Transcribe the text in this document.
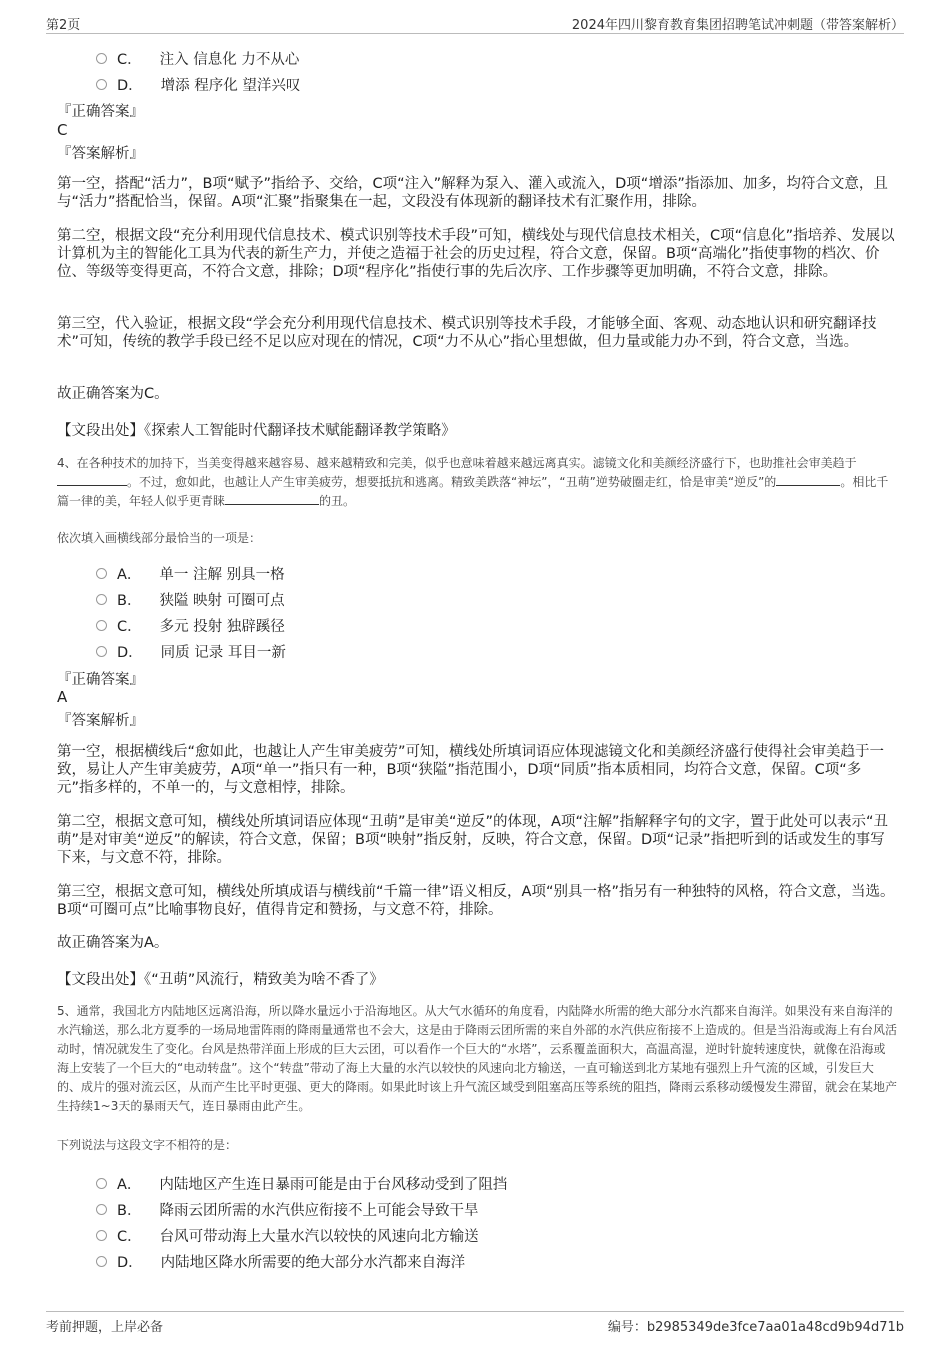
第2页	2024年四川黎育教育集团招聘笔试冲刺题（带答案解析）
C． 注入 信息化 力不从心
D． 增添 程序化 望洋兴叹
『正确答案』
C
『答案解析』
第一空，搭配“活力”，B项“赋予”指给予、交给，C项“注入”解释为泵入、灌入或流入，D项“增添”指添加、加多，均符合文意，且与“活力”搭配恰当，保留。A项“汇聚”指聚集在一起，文段没有体现新的翻译技术有汇聚作用，排除。
第二空，根据文段“充分利用现代信息技术、模式识别等技术手段”可知，横线处与现代信息技术相关，C项“信息化”指培养、发展以计算机为主的智能化工具为代表的新生产力，并使之造福于社会的历史过程，符合文意，保留。B项“高端化”指使事物的档次、价位、等级等变得更高，不符合文意，排除；D项“程序化”指使行事的先后次序、工作步骤等更加明确，不符合文意，排除。
第三空，代入验证，根据文段“学会充分利用现代信息技术、模式识别等技术手段，才能够全面、客观、动态地认识和研究翻译技术”可知，传统的教学手段已经不足以应对现在的情况，C项“力不从心”指心里想做，但力量或能力办不到，符合文意，当选。
故正确答案为C。
【文段出处】《探索人工智能时代翻译技术赋能翻译教学策略》
4、在各种技术的加持下，当美变得越来越容易、越来越精致和完美，似乎也意味着越来越远离真实。滤镜文化和美颜经济盛行下，也助推社会审美趋于。不过，愈如此，也越让人产生审美疲劳，想要抵抗和逃离。精致美跌落“神坛”，“丑萌”逆势破圈走红，恰是审美“逆反”的	。相比千篇一律的美，年轻人似乎更青睐	的丑。
依次填入画横线部分最恰当的一项是：
A． 单一 注解 别具一格
B． 狭隘 映射 可圈可点
C． 多元 投射 独辟蹊径
D． 同质 记录 耳目一新
『正确答案』
A
『答案解析』
第一空，根据横线后“愈如此，也越让人产生审美疲劳”可知，横线处所填词语应体现滤镜文化和美颜经济盛行使得社会审美趋于一致，易让人产生审美疲劳，A项“单一”指只有一种，B项“狭隘”指范围小，D项“同质”指本质相同，均符合文意，保留。C项“多元”指多样的，不单一的，与文意相悖，排除。
第二空，根据文意可知，横线处所填词语应体现“丑萌”是审美“逆反”的体现，A项“注解”指解释字句的文字，置于此处可以表示“丑萌”是对审美“逆反”的解读，符合文意，保留；B项“映射”指反射，反映，符合文意，保留。D项“记录”指把听到的话或发生的事写下来，与文意不符，排除。
第三空，根据文意可知，横线处所填成语与横线前“千篇一律”语义相反，A项“别具一格”指另有一种独特的风格，符合文意，当选。B项“可圈可点”比喻事物良好，值得肯定和赞扬，与文意不符，排除。
故正确答案为A。
【文段出处】《“丑萌”风流行，精致美为啥不香了》
5、通常，我国北方内陆地区远离沿海，所以降水量远小于沿海地区。从大气水循环的角度看，内陆降水所需的绝大部分水汽都来自海洋。如果没有来自海洋的水汽输送，那么北方夏季的一场局地雷阵雨的降雨量通常也不会大，这是由于降雨云团所需的来自外部的水汽供应衔接不上造成的。但是当沿海或海上有台风活动时，情况就发生了变化。台风是热带洋面上形成的巨大云团，可以看作一个巨大的“水塔”，云系覆盖面积大，高温高湿，逆时针旋转速度快，就像在沿海或海上安装了一个巨大的“电动转盘”。这个“转盘”带动了海上大量的水汽以较快的风速向北方输送，一直可输送到北方某地有强烈上升气流的区域，引发巨大的、成片的强对流云区，从而产生比平时更强、更大的降雨。如果此时该上升气流区域受到阻塞高压等系统的阻挡，降雨云系移动缓慢发生滞留，就会在某地产生持续1~3天的暴雨天气，连日暴雨由此产生。
下列说法与这段文字不相符的是：
A． 内陆地区产生连日暴雨可能是由于台风移动受到了阻挡
B． 降雨云团所需的水汽供应衔接不上可能会导致干旱
C． 台风可带动海上大量水汽以较快的风速向北方输送
D． 内陆地区降水所需要的绝大部分水汽都来自海洋
考前押题，上岸必备	编号：b2985349de3fce7aa01a48cd9b94d71b
